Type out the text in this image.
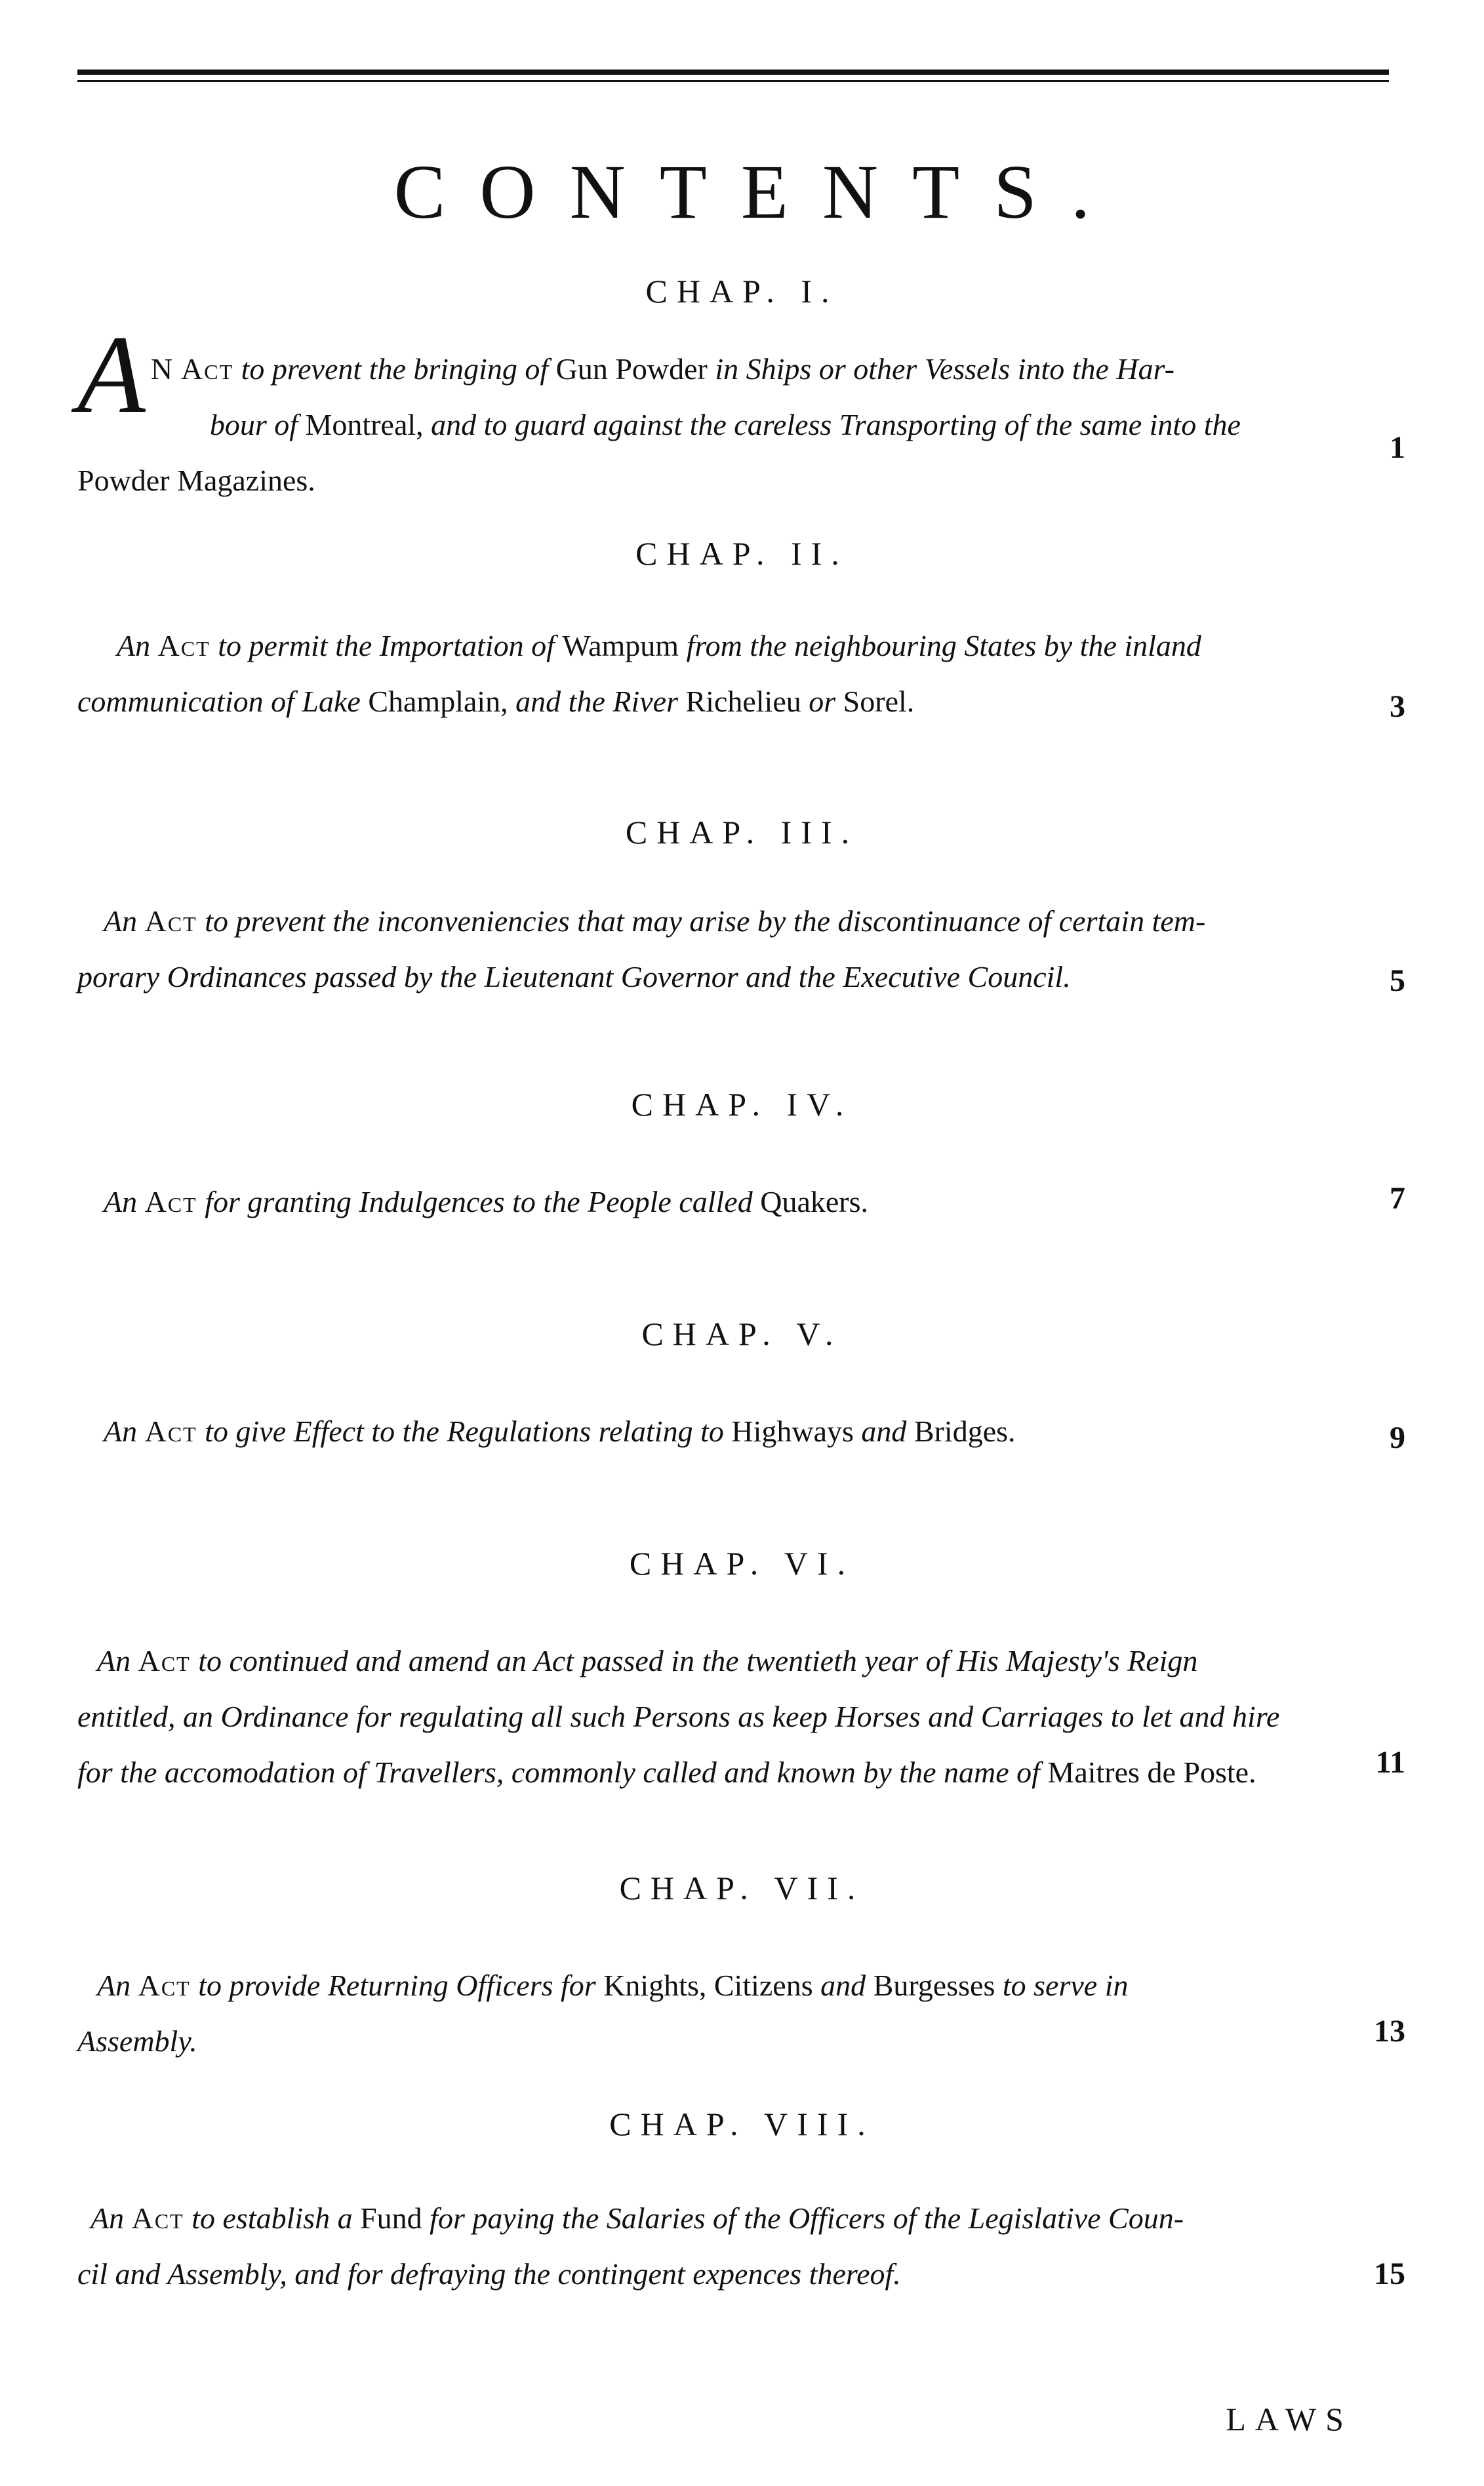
CONTENTS.
CHAP. I.
A N Act to prevent the bringing of Gun Powder in Ships or other Vessels into the Har-
bour of Montreal, and to guard against the careless Transporting of the same into the
Powder Magazines.
1
CHAP. II.
An Act to permit the Importation of Wampum from the neighbouring States by the inland
communication of Lake Champlain, and the River Richelieu or Sorel.	3
CHAP. III.
An Act to prevent the inconveniencies that may arise by the discontinuance of certain tem-
porary Ordinances passed by the Lieutenant Governor and the Executive Council.	5
CHAP. IV.
An Act for granting Indulgences to the People called Quakers.	7
CHAP. V.
An Act to give Effect to the Regulations relating to Highways and Bridges.	9
CHAP. VI.
An Act to continued and amend an Act passed in the twentieth year of His Majesty's Reign
entitled, an Ordinance for regulating all such Persons as keep Horses and Carriages to let and hire
for the accomodation of Travellers, commonly called and known by the name of Maitres de Poste.	11
CHAP. VII.
An Act to provide Returning Officers for Knights, Citizens and Burgesses to serve in
Assembly.	13
CHAP. VIII.
An Act to establish a Fund for paying the Salaries of the Officers of the Legislative Coun-
cil and Assembly, and for defraying the contingent expences thereof.	15
LAWS
